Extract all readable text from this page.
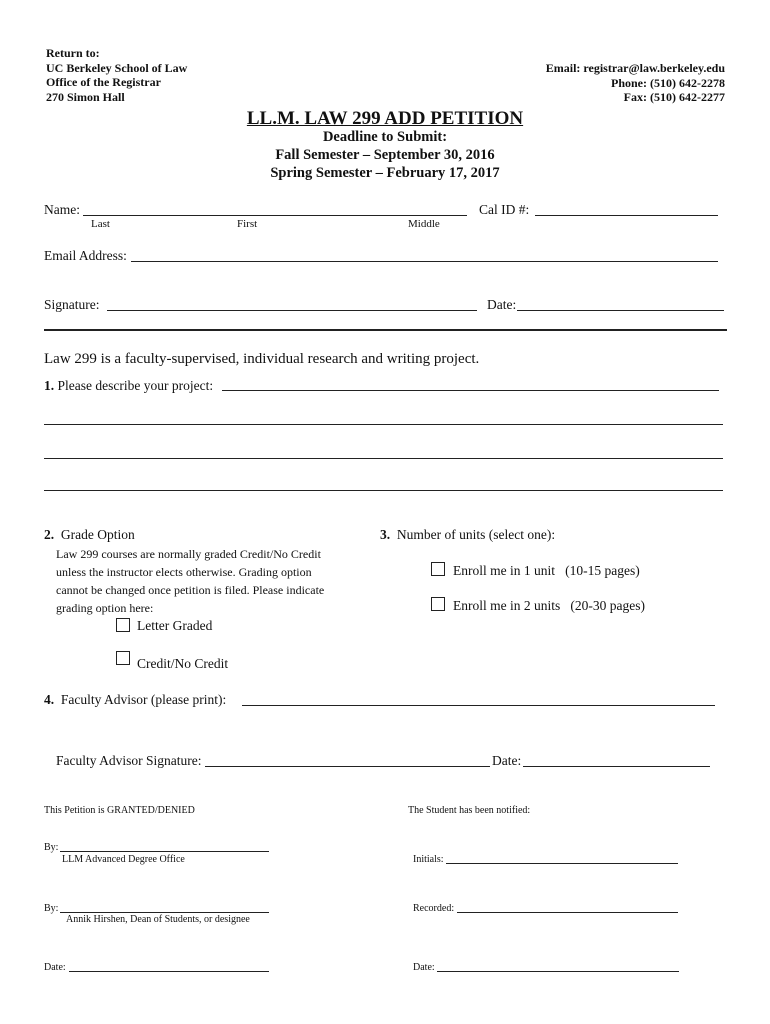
Return to:
UC Berkeley School of Law
Office of the Registrar
270 Simon Hall
Email: registrar@law.berkeley.edu
Phone: (510) 642-2278
Fax: (510) 642-2277
LL.M. LAW 299 ADD PETITION
Deadline to Submit:
Fall Semester – September 30, 2016
Spring Semester – February 17, 2017
Name:
Last	First	Middle
Cal ID #:
Email Address:
Signature:	Date:
Law 299 is a faculty-supervised, individual research and writing project.
1. Please describe your project:
2. Grade Option
Law 299 courses are normally graded Credit/No Credit
unless the instructor elects otherwise. Grading option
cannot be changed once petition is filed. Please indicate
grading option here:
Letter Graded
Credit/No Credit
3. Number of units (select one):
Enroll me in 1 unit   (10-15 pages)
Enroll me in 2 units   (20-30 pages)
4. Faculty Advisor (please print):
Faculty Advisor Signature:	Date:
This Petition is GRANTED/DENIED	The Student has been notified:
By:
LLM Advanced Degree Office	Initials:
By:
Annik Hirshen, Dean of Students, or designee
Recorded:
Date:	Date:
